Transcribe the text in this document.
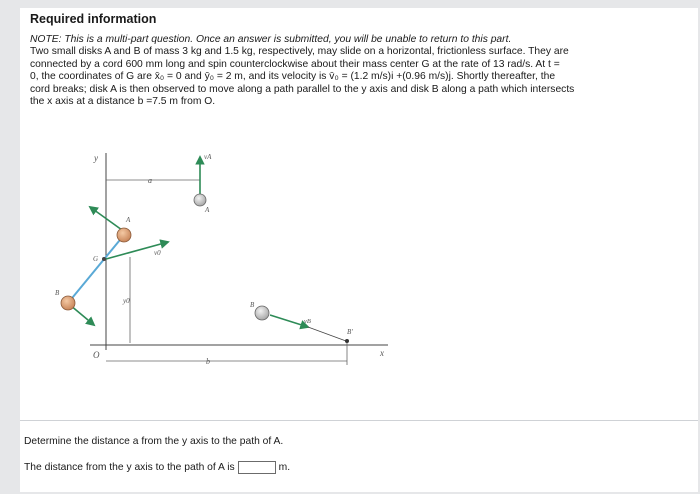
Required information
NOTE: This is a multi-part question. Once an answer is submitted, you will be unable to return to this part.
Two small disks A and B of mass 3 kg and 1.5 kg, respectively, may slide on a horizontal, frictionless surface. They are
connected by a cord 600 mm long and spin counterclockwise about their mass center G at the rate of 13 rad/s. At t =
0, the coordinates of G are x̄₀ = 0 and ȳ₀ = 2 m, and its velocity is v̄₀ = (1.2 m/s)i +(0.96 m/s)j. Shortly thereafter, the
cord breaks; disk A is then observed to move along a path parallel to the y axis and disk B along a path which intersects
the x axis at a distance b =7.5 m from O.
y
x
O
a
vA
A
A
G
v0
y0
B
B
vB
B'
b
Determine the distance a from the y axis to the path of A.
The distance from the y axis to the path of A is	m.
